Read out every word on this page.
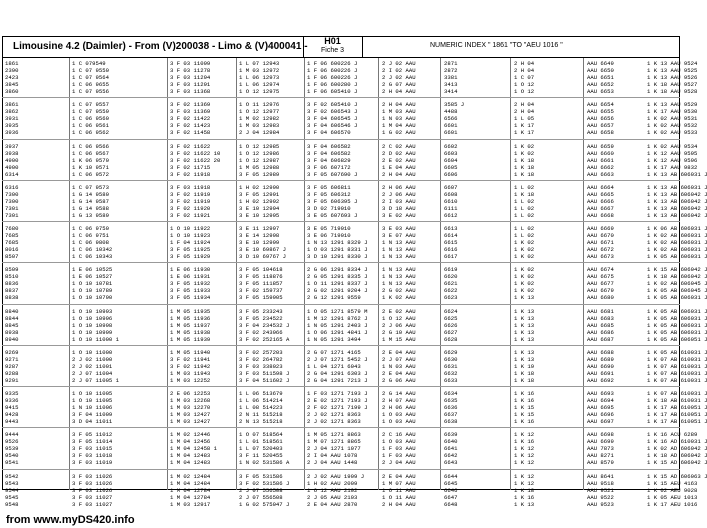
Limousine 4.2 (Daimler) - From (V)200038 - Limo & (V)400041 -	H01
Fiche 3
NUMERIC INDEX " 1861 "TO "AEU 1016 "
1861	1 C 079549	3 F 03 11099	1 L 07 12943	1 F 06 600226 J	2 J 02 AAU	2871	2 H 04	AAU 6649	1 K 13 AAU 9524
2390	1 C 07 9550	3 F 03 11278	1 M 03 12972	1 F 06 600226 J	2 I 02 AAU	2872	2 H 04	AAU 6650	1 K 13 AAU 9525
2423	1 C 07 9564	3 F 03 11294	1 L 06 12973	1 F 06 600226 J	2 J 02 AAU	3381	1 C 07	AAU 6651	1 K 13 AAU 9526
3845	1 C 06 9655	3 F 03 11291	1 L 06 12974	1 F 06 600280 J	2 G 07 AAU	3413	1 O 12	AAU 6652	1 K 18 AAU 9527
3860	1 C 07 9556	3 F 03 11368	1 O 12 12975	1 F 06 605410 J	2 H 04 AAU	3414	1 O 12	AAU 6653	1 K 18 AAU 9528
3861	1 C 07 9557	3 F 02 11369	1 O 11 12976	3 F 02 605410 J	2 H 04 AAU	3585 J	2 H 04	AAU 6654	1 K 13 AAU 9529
3862	1 C 07 9559	3 F 03 11369	1 O 12 12977	3 F 02 606543 J	1 M 03 AAU	4488	2 H 04	AAU 6655	1 K 17 AAU 9530
3931	1 C 06 9560	3 F 02 11422	1 M 02 12982	3 F 04 606545 J	1 N 03 AAU	6566	1 L 05	AAU 6656	1 K 02 AAU 9531
3935	1 C 06 9561	3 F 02 11423	1 M 03 12983	3 F 04 606546 J	1 M 04 AAU	6601	1 K 17	AAU 6657	1 K 02 AAU 9532
3936	1 C 06 9562	3 F 02 11458	2 J 04 12984	3 F 04 606570	1 G 02 AAU	6601	1 K 17	AAU 6658	1 K 02 AAU 9533
3937	1 C 06 9566	3 F 02 11622	1 O 12 12985	3 F 04 606582	2 C 02 AAU	6602	1 K 02	AAU 6659	1 K 02 AAU 9534
3938	1 C 06 9567	3 F 02 11622 10	1 O 12 12986	3 F 04 606582	2 D 02 AAU	6603	1 K 02	AAU 6660	1 K 12 AAU 9595
4900	1 K 06 9570	3 F 02 11622 20	1 O 12 12987	3 F 04 606829	2 E 02 AAU	6604	1 K 18	AAU 6661	1 K 12 AAU 9596
4900	1 K 10 9571	3 F 02 11715	1 M 05 12988	3 F 06 607172	1 E 04 AAU	6605	1 K 18	AAU 6662	1 K 17 AAU 9832
6314	1 C 06 9572	3 F 02 11918	3 F 05 12989	3 F 05 607690 J	2 H 04 AAU	6606	1 K 18	AAU 6663	1 K 13 AB 606031 J
6316	1 C 07 9573	3 F 03 11918	1 H 02 12990	3 F 05 606811	2 H 06 AAU	6607	1 L 02	AAU 6664	1 K 13 AB 606031 J
7300	1 G 14 9580	3 F 02 11919	3 F 05 12991	3 F 05 606312	2 J 06 AAU	6608	1 K 18	AAU 6665	1 K 13 AB 606042 J
7300	1 G 14 9587	3 F 02 11919	1 H 02 12992	3 F 05 606395 J	2 I 03 AAU	6610	1 L 02	AAU 6666	1 K 13 AB 606042 J
7301	1 G 14 9588	3 F 02 11920	3 E 10 12994	3 D 02 719010	3 D 18 AAU	6111	1 L 02	AAU 6667	1 K 13 AB 606042 J
7301	1 G 13 9589	3 F 02 11921	3 E 10 12995	3 E 05 607693 J	3 E 02 AAU	6612	1 L 02	AAU 6668	1 K 13 AB 606042 J
7680	1 C 06 9750	1 O 10 11922	3 E 11 12997	3 E 05 719010	3 E 03 AAU	6613	1 L 02	AAU 6669	1 K 06 AB 606031 J
7685	1 C 06 9751	1 O 10 11923	3 E 14 12998	3 E 06 719010	3 E 07 AAU	6614	1 L 02	AAU 6670	1 K 02 AB 606031 J
7685	1 C 06 9808	1 F 04 11924	3 E 10 12999	1 N 13 1291 8329 J	1 N 13 AAU	6615	1 K 02	AAU 6671	1 K 02 AB 606031 J
8016	1 C 06 10342	3 F 05 11925	3 E 10 69867 J	1 O 03 1291 8331 J	1 N 13 AAU	6616	1 K 02	AAU 6672	1 K 02 AB 606031 J
8507	1 C 06 10343	3 F 05 11929	3 D 10 69767 J	3 D 10 1291 8330 J	1 N 13 AAU	6617	1 K 02	AAU 6673	1 K 05 AB 606031 J
8509	1 E 06 10525	1 E 06 11930	3 F 05 104618	2 G 06 1291 8334 J	1 N 13 AAU	6619	1 K 02	AAU 6674	1 K 15 AB 606042 J
8510	1 E 06 10527	1 E 06 11931	3 F 05 118876	2 G 05 1291 8335 J	1 N 13 AAU	6620	1 K 02	AAU 6675	1 K 18 AB 606042 J
8836	1 O 10 10781	3 F 05 11932	3 F 05 111857	1 O 11 1291 8337 J	1 N 13 AAU	6621	1 K 02	AAU 6677	1 K 02 AB 606045 J
8837	1 O 10 10789	3 F 05 11933	3 F 02 159737	2 G 02 1291 9204 J	2 G 02 AAU	6622	1 K 02	AAU 6679	1 K 05 AB 606045 J
8838	1 O 10 10790	3 F 05 11934	3 F 05 159905	2 G 12 1291 9559	1 K 02 AAU	6623	1 K 13	AAU 6680	1 K 05 AB 606031 J
8840	1 O 10 10993	1 M 05 11935	3 F 05 233243	1 O 05 1271 8579 M	2 E 02 AAU	6624	1 K 13	AAU 6681	1 K 05 AB 606031 J
8844	1 O 10 10996	1 M 05 11936	3 F 05 234522	1 M 12 1291 8762 J	1 O 12 AAU	6625	1 K 13	AAU 6683	1 K 05 AB 606031 J
8845	1 O 10 10998	1 M 05 11937	3 F 04 234532 J	1 N 05 1291 2403 J	2 J 06 AAU	6626	1 K 13	AAU 6685	1 K 05 AB 606031 J
8938	1 O 10 10999	1 M 05 11938	3 F 02 243966	1 O 06 1291 4841 J	2 G 10 AAU	6627	1 K 13	AAU 6686	1 K 05 AB 606031 J
8940	1 O 10 11000 1	1 M 05 11939	3 F 02 252165 A	1 N 05 1291 3494	1 M 15 AAU	6628	1 K 13	AAU 6687	1 K 05 AB 606051 J
9269	1 O 10 11000	1 M 05 11940	3 F 02 257203	2 G 07 1271 4165	2 E 04 AAU	6629	1 K 13	AAU 6688	1 K 05 AB 610031 J
9271	2 J 02 11000	3 F 02 11941	3 F 02 264782	2 J 07 1271 5452 J	2 J 07 AAU	6630	1 K 13	AAU 6689	1 K 07 AB 610031 J
9287	2 J 02 11001	3 F 02 11942	3 F 03 338023	1 L 04 1271 6043	1 N 03 AAU	6631	1 K 19	AAU 6690	1 K 07 AB 610031 J
9288	2 J 07 11004	1 M 03 11943	3 F 03 511598 J	2 G 04 1291 6303 J	2 E 04 AAU	6632	1 K 18	AAU 6691	1 K 07 AB 610031 J
9291	2 J 07 11005 1	1 M 03 12252	3 F 04 511602 J	2 G 04 1291 7213 J	2 G 06 AAU	6633	1 K 18	AAU 6692	1 K 07 AB 610031 J
9335	1 O 10 11005	2 E 06 12253	1 L 06 513679	1 F 03 1271 7193 J	2 G 14 AAU	6634	1 K 16	AAU 6693	1 K 07 AB 610031 J
9336	1 O 10 11005	1 M 03 12268	1 L 06 514214	2 E 02 1271 7193 J	2 H 07 AAU	6635	1 K 16	AAU 6694	1 K 18 AB 610031 J
9415	1 N 10 11006	1 M 03 12270	1 L 08 514223	2 F 02 1271 7199 J	2 H 06 AAU	6636	1 K 15	AAU 6695	1 K 17 AB 610051 J
9428	3 F 04 11009	1 M 03 12427	2 N 11 515218	2 J 02 1271 8363	1 O 03 AAU	6637	1 K 15	AAU 6696	1 K 17 AB 610051 J
9443	3 D 04 11011	1 M 03 12427	2 N 13 515218	2 J 02 1271 8363	1 O 03 AAU	6638	1 K 16	AAU 6697	1 K 17 AB 610051 J
9444	3 F 05 11012	1 M 02 12446	1 O 07 518564	1 M 05 1271 8863	2 C 16 AAU	6639	1 K 12	AAU 6698	1 K 16 ACU 6289
9526	3 F 05 11014	1 M 04 12456	1 L 01 518561	1 M 07 1271 8865	1 O 03 AAU	6640	1 K 16	AAU 6699	1 K 16 AD 610031 J
9539	3 F 03 11015	1 M 04 12458 1	1 L 07 520403	2 J 04 1271 1077	1 F 03 AAU	6641	1 K 12	AAU 7873	1 K 02 AD 606042 J
9540	3 F 03 11018	1 M 04 12483	3 F 11 520455	2 I 04 AAU 1078	1 F 03 AAU	6642	1 K 12	AAU 8271	1 K 18 AD 606042 J
9541	3 F 03 11019	1 M 04 12483	1 N 02 531586 A	2 J 04 AAU 1448	2 J 04 AAU	6643	1 K 12	AAU 8579	1 K 15 AD 606042 J
9542	3 F 03 11026	1 M 02 12484	3 F 05 531586	2 J 02 AAU 1909 J	2 E 04 AAU	6644	1 K 12	AAU 8641	1 K 15 AD 606063 J
9543	3 F 03 11026	1 M 04 12484	3 F 02 531586 J	1 H 02 AAU 2009	1 M 07 AAU	6645	1 K 12	AAU 9518	1 K 15 AEU 4163
9544	3 F 03 11026	1 M 04 12784	2 J 07 556508	1 O 12 AAU 2102	1 O 11 AAU	6646	1 K 18	AAU 9521	1 K 02 AEU 9028
9545	3 F 03 11027	1 M 04 12784	2 J 07 556508	2 J 05 AAU 2103	1 O 11 AAU	6647	1 K 16	AAU 9522	1 K 05 AEU 1013
9548	3 F 03 11027	1 M 03 12917	1 G 02 575047 J	2 E 04 AAU 2870	2 H 04 AAU	6648	1 K 13	AAU 9523	1 K 17 AEU 1016
from www.myDS420.info
